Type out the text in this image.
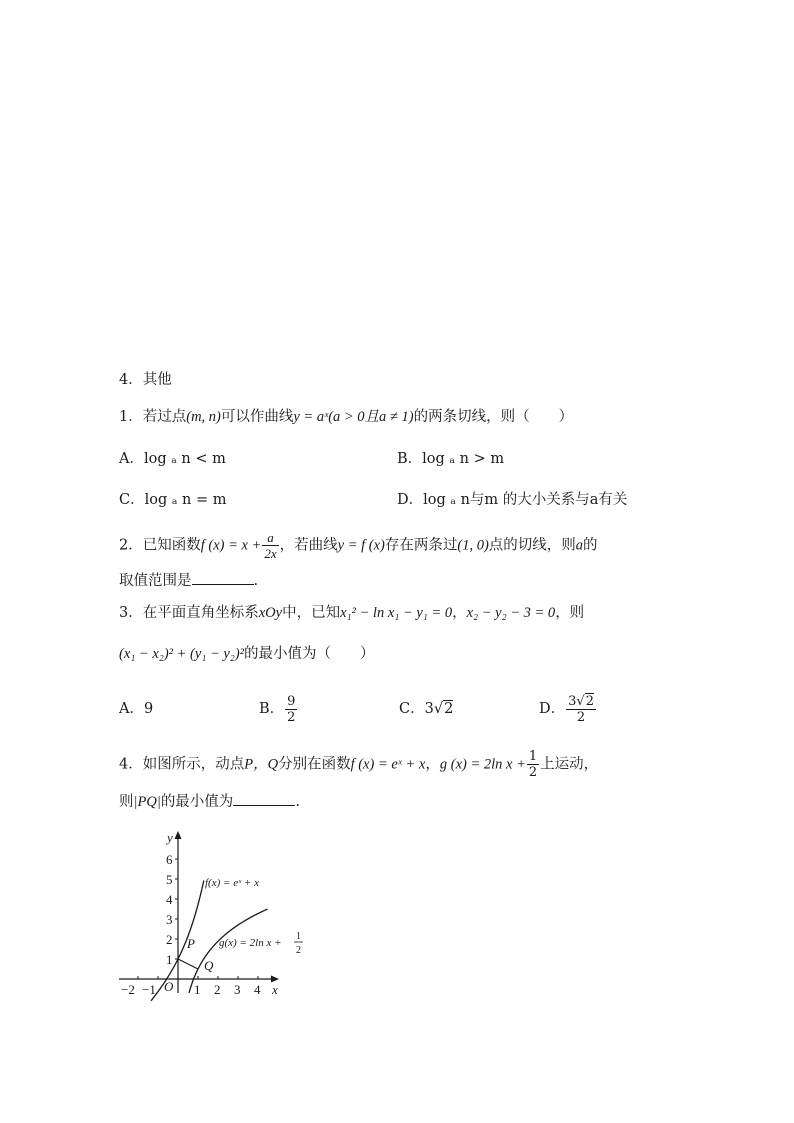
4．其他
1．若过点(m, n)可以作曲线y = aˣ(a > 0且a ≠ 1)的两条切线，则（　　）
A．log ₐ n < m	B．log ₐ n > m
C．log ₐ n = m	D．log ₐ n与m 的大小关系与a有关
2．已知函数f $(x) = x + \frac{a}{2x}$ ，若曲线y = f (x)存在两条过(1, 0)点的切线，则a的
取值范围是	.
3．在平面直角坐标系xOy中，已知x₁² − ln x₁ − y₁ = 0，x₂ − y₂ − 3 = 0，则
(x₁ − x₂)² + (y₁ − y₂)²的最小值为（　　）
A．9	B． $\frac{9}{2}$	C．3√2	D． $\frac{3√2}{2}$
4．如图所示，动点P，Q分别在函数f (x) = eˣ + x，g (x) = 2ln $x + \frac{1}{2}$ 上运动，
则|PQ|的最小值为	.
y
x
O
1
2
3
4
5
6
−2 −1	1 2 3 4
f(x) = eˣ + x
g(x) = 2ln x +
1
2
P
Q
